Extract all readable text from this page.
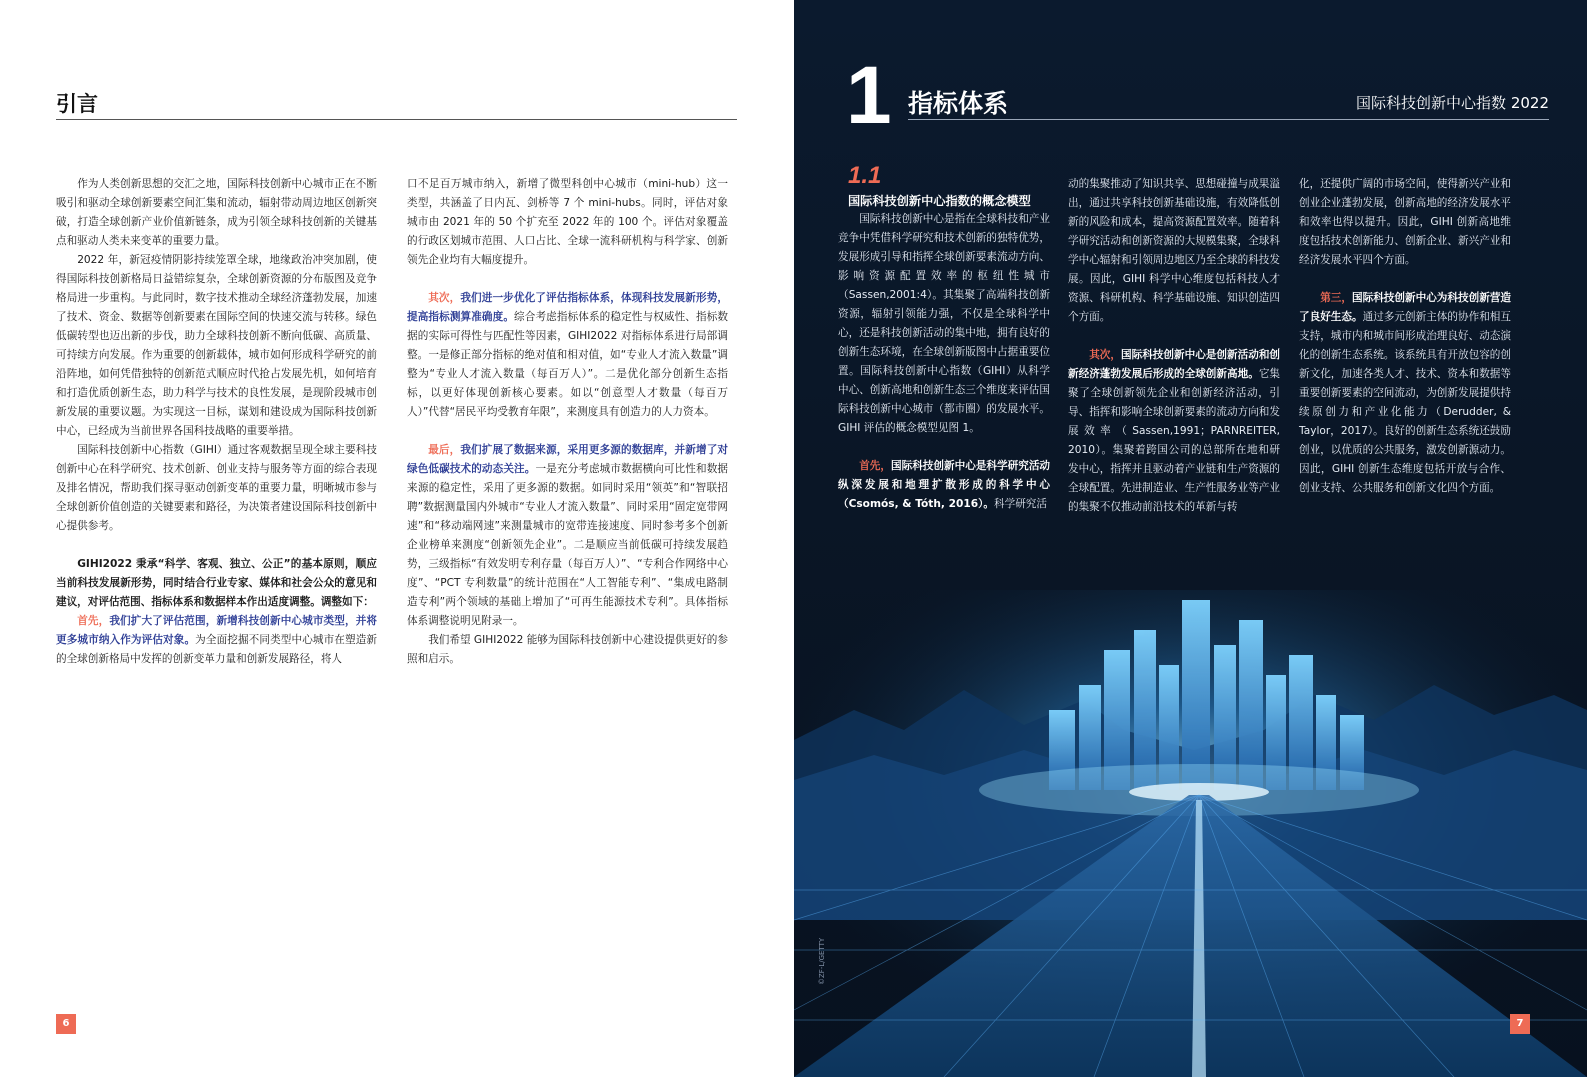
引言

作为人类创新思想的交汇之地，国际科技创新中心城市正在不断吸引和驱动全球创新要素空间汇集和流动，辐射带动周边地区创新突破，打造全球创新产业价值新链条，成为引领全球科技创新的关键基点和驱动人类未来变革的重要力量。

2022 年，新冠疫情阴影持续笼罩全球，地缘政治冲突加剧，使得国际科技创新格局日益错综复杂，全球创新资源的分布版图及竞争格局进一步重构。与此同时，数字技术推动全球经济蓬勃发展，加速了技术、资金、数据等创新要素在国际空间的快速交流与转移。绿色低碳转型也迈出新的步伐，助力全球科技创新不断向低碳、高质量、可持续方向发展。作为重要的创新载体，城市如何形成科学研究的前沿阵地，如何凭借独特的创新范式顺应时代抢占发展先机，如何培育和打造优质创新生态，助力科学与技术的良性发展，是现阶段城市创新发展的重要议题。为实现这一目标，谋划和建设成为国际科技创新中心，已经成为当前世界各国科技战略的重要举措。

国际科技创新中心指数（GIHI）通过客观数据呈现全球主要科技创新中心在科学研究、技术创新、创业支持与服务等方面的综合表现及排名情况，帮助我们探寻驱动创新变革的重要力量，明晰城市参与全球创新价值创造的关键要素和路径，为决策者建设国际科技创新中心提供参考。

GIHI2022 秉承“科学、客观、独立、公正”的基本原则，顺应当前科技发展新形势，同时结合行业专家、媒体和社会公众的意见和建议，对评估范围、指标体系和数据样本作出适度调整。调整如下：

首先，我们扩大了评估范围，新增科技创新中心城市类型，并将更多城市纳入作为评估对象。为全面挖掘不同类型中心城市在塑造新的全球创新格局中发挥的创新变革力量和创新发展路径，将人

口不足百万城市纳入，新增了微型科创中心城市（mini-hub）这一类型，共涵盖了日内瓦、剑桥等 7 个 mini-hubs。同时，评估对象城市由 2021 年的 50 个扩充至 2022 年的 100 个。评估对象覆盖的行政区划城市范围、人口占比、全球一流科研机构与科学家、创新领先企业均有大幅度提升。

其次，我们进一步优化了评估指标体系，体现科技发展新形势，提高指标测算准确度。综合考虑指标体系的稳定性与权威性、指标数据的实际可得性与匹配性等因素，GIHI2022 对指标体系进行局部调整。一是修正部分指标的绝对值和相对值，如“专业人才流入数量”调整为“专业人才流入数量（每百万人）”。二是优化部分创新生态指标，以更好体现创新核心要素。如以“创意型人才数量（每百万人）”代替“居民平均受教育年限”，来测度具有创造力的人力资本。

最后，我们扩展了数据来源，采用更多源的数据库，并新增了对绿色低碳技术的动态关注。一是充分考虑城市数据横向可比性和数据来源的稳定性，采用了更多源的数据。如同时采用“领英”和“智联招聘”数据测量国内外城市“专业人才流入数量”、同时采用“固定宽带网速”和“移动端网速”来测量城市的宽带连接速度、同时参考多个创新企业榜单来测度“创新领先企业”。二是顺应当前低碳可持续发展趋势，三级指标“有效发明专利存量（每百万人）”、“专利合作网络中心度”、“PCT 专利数量”的统计范围在“人工智能专利”、“集成电路制造专利”两个领域的基础上增加了“可再生能源技术专利”。具体指标体系调整说明见附录一。

我们希望 GIHI2022 能够为国际科技创新中心建设提供更好的参照和启示。

6
1 指标体系	国际科技创新中心指数 2022
1.1
国际科技创新中心指数的概念模型

国际科技创新中心是指在全球科技和产业竞争中凭借科学研究和技术创新的独特优势，发展形成引导和指挥全球创新要素流动方向、影响资源配置效率的枢纽性城市（Sassen,2001:4）。其集聚了高端科技创新资源，辐射引领能力强，不仅是全球科学中心，还是科技创新活动的集中地，拥有良好的创新生态环境，在全球创新版图中占据重要位置。国际科技创新中心指数（GIHI）从科学中心、创新高地和创新生态三个维度来评估国际科技创新中心城市（都市圈）的发展水平。GIHI 评估的概念模型见图 1。

首先，国际科技创新中心是科学研究活动纵深发展和地理扩散形成的科学中心（Csomós, & Tóth, 2016）。科学研究活

动的集聚推动了知识共享、思想碰撞与成果溢出，通过共享科技创新基础设施，有效降低创新的风险和成本，提高资源配置效率。随着科学研究活动和创新资源的大规模集聚，全球科学中心辐射和引领周边地区乃至全球的科技发展。因此，GIHI 科学中心维度包括科技人才资源、科研机构、科学基础设施、知识创造四个方面。

其次，国际科技创新中心是创新活动和创新经济蓬勃发展后形成的全球创新高地。它集聚了全球创新领先企业和创新经济活动，引导、指挥和影响全球创新要素的流动方向和发展效率（Sassen,1991；PARNREITER, 2010）。集聚着跨国公司的总部所在地和研发中心，指挥并且驱动着产业链和生产资源的全球配置。先进制造业、生产性服务业等产业的集聚不仅推动前沿技术的革新与转

化，还提供广阔的市场空间，使得新兴产业和创业企业蓬勃发展，创新高地的经济发展水平和效率也得以提升。因此，GIHI 创新高地维度包括技术创新能力、创新企业、新兴产业和经济发展水平四个方面。

第三，国际科技创新中心为科技创新营造了良好生态。通过多元创新主体的协作和相互支持，城市内和城市间形成治理良好、动态演化的创新生态系统。该系统具有开放包容的创新文化，加速各类人才、技术、资本和数据等重要创新要素的空间流动，为创新发展提供持续原创力和产业化能力（Derudder, & Taylor，2017）。良好的创新生态系统还鼓励创业，以优质的公共服务，激发创新源动力。因此，GIHI 创新生态维度包括开放与合作、创业支持、公共服务和创新文化四个方面。

©ZF-L/GETTY
7
